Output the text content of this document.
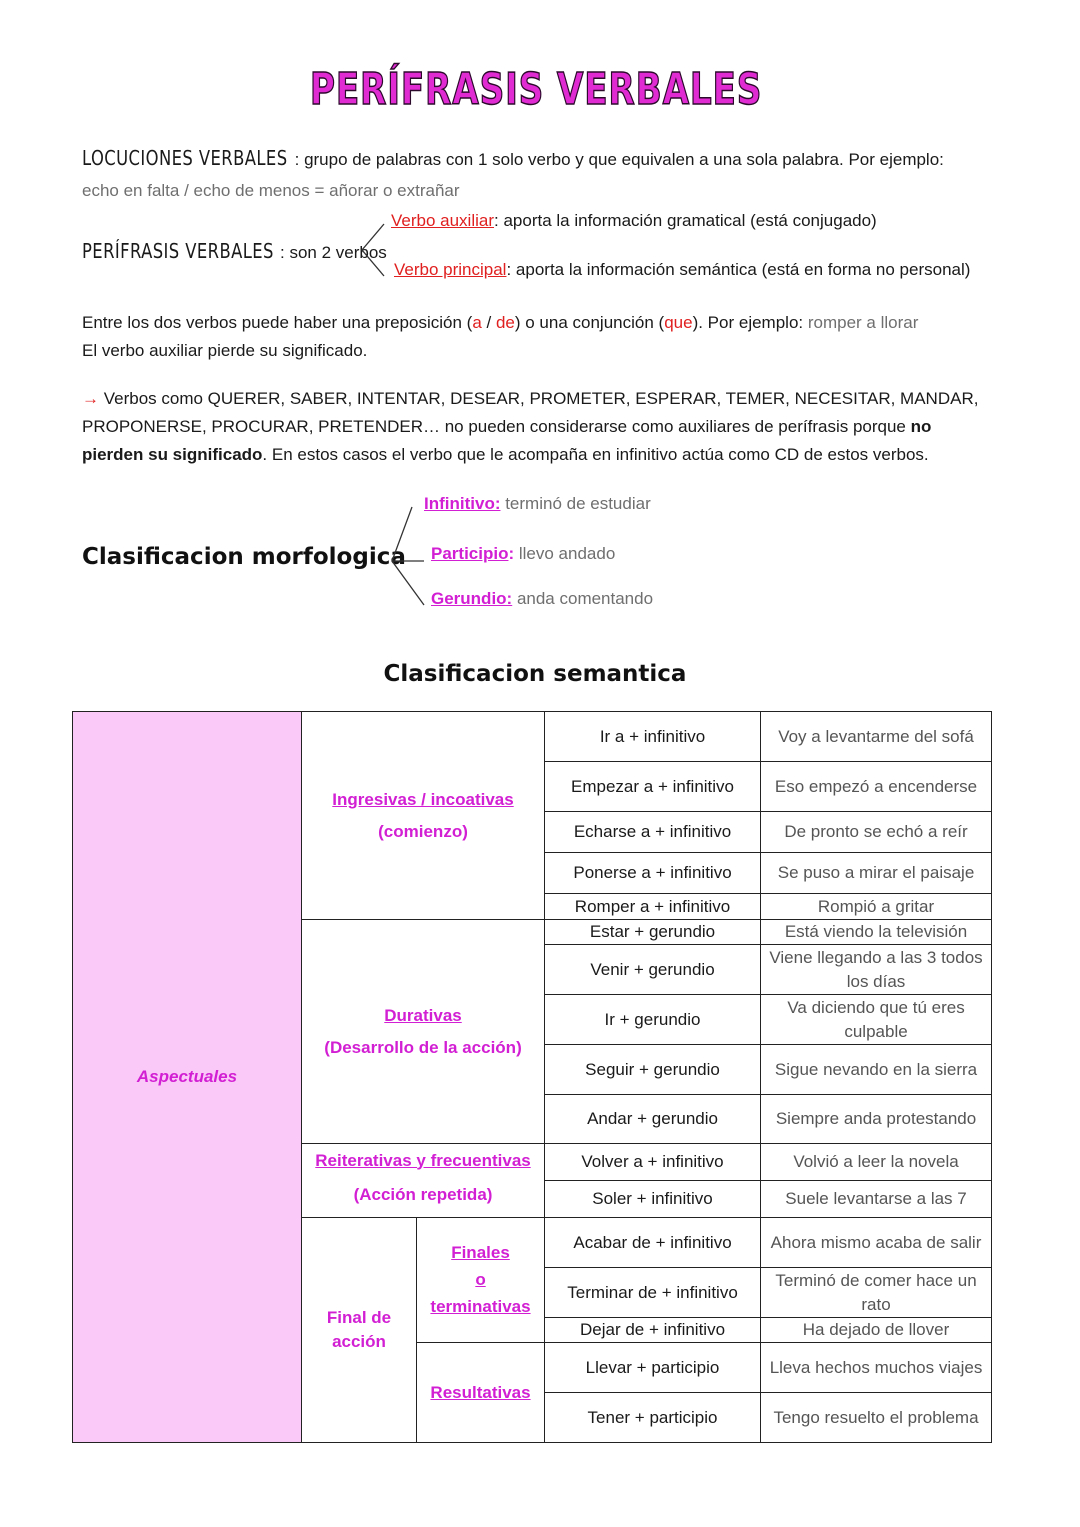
PERÍFRASIS VERBALES
LOCUCIONES VERBALES : grupo de palabras con 1 solo verbo y que equivalen a una sola palabra. Por ejemplo:
echo en falta / echo de menos = añorar o extrañar
PERÍFRASIS VERBALES : son 2 verbos
Verbo auxiliar: aporta la información gramatical (está conjugado)
Verbo principal: aporta la información semántica (está en forma no personal)
Entre los dos verbos puede haber una preposición (a / de) o una conjunción (que). Por ejemplo: romper a llorar
El verbo auxiliar pierde su significado.
→ Verbos como QUERER, SABER, INTENTAR, DESEAR, PROMETER, ESPERAR, TEMER, NECESITAR, MANDAR,
PROPONERSE, PROCURAR, PRETENDER… no pueden considerarse como auxiliares de perífrasis porque no
pierden su significado. En estos casos el verbo que le acompaña en infinitivo actúa como CD de estos verbos.
Clasificacion morfologica
Infinitivo: terminó de estudiar
Participio: llevo andado
Gerundio: anda comentando
Clasificacion semantica
Aspectuales	Ingresivas / incoativas
(comienzo)		Ir a + infinitivo	Voy a levantarme del sofá
			Empezar a + infinitivo	Eso empezó a encenderse
			Echarse a + infinitivo	De pronto se echó a reír
			Ponerse a + infinitivo	Se puso a mirar el paisaje
			Romper a + infinitivo	Rompió a gritar

	Durativas
(Desarrollo de la acción)		Estar + gerundio	Está viendo la televisión
			Venir + gerundio	Viene llegando a las 3 todos los días
			Ir + gerundio	Va diciendo que tú eres culpable
			Seguir + gerundio	Sigue nevando en la sierra
			Andar + gerundio	Siempre anda protestando

	Reiterativas y frecuentivas
(Acción repetida)		Volver a + infinitivo	Volvió a leer la novela
			Soler + infinitivo	Suele levantarse a las 7
	Final de acción	Finales
o
terminativas	Acabar de + infinitivo	Ahora mismo acaba de salir
			Terminar de + infinitivo	Terminó de comer hace un rato
			Dejar de + infinitivo	Ha dejado de llover
		Resultativas	Llevar + participio	Lleva hechos muchos viajes
			Tener + participio	Tengo resuelto el problema
